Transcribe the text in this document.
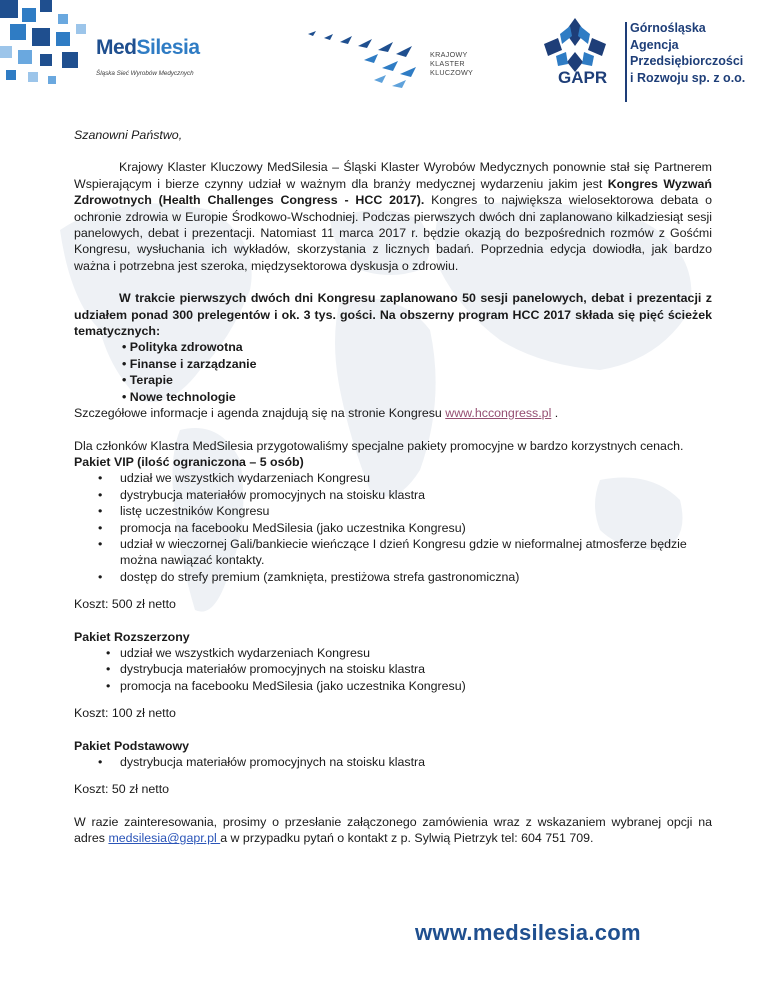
MedSilesia
Śląska Sieć Wyrobów Medycznych
KRAJOWY
KLASTER
KLUCZOWY	GAPR
Górnośląska
Agencja
Przedsiębiorczości
i Rozwoju sp. z o.o.

Szanowni Państwo,

Krajowy Klaster Kluczowy MedSilesia – Śląski Klaster Wyrobów Medycznych ponownie stał się Partnerem Wspierającym i bierze czynny udział w ważnym dla branży medycznej wydarzeniu jakim jest Kongres Wyzwań Zdrowotnych (Health Challenges Congress - HCC 2017). Kongres to największa wielosektorowa debata o ochronie zdrowia w Europie Środkowo-Wschodniej. Podczas pierwszych dwóch dni zaplanowano kilkadziesiąt sesji panelowych, debat i prezentacji. Natomiast 11 marca 2017 r. będzie okazją do bezpośrednich rozmów z Gośćmi Kongresu, wysłuchania ich wykładów, skorzystania z licznych badań. Poprzednia edycja dowiodła, jak bardzo ważna i potrzebna jest szeroka, międzysektorowa dyskusja o zdrowiu.

W trakcie pierwszych dwóch dni Kongresu zaplanowano 50 sesji panelowych, debat i prezentacji z udziałem ponad 300 prelegentów i ok. 3 tys. gości. Na obszerny program HCC 2017 składa się pięć ścieżek tematycznych:

• Polityka zdrowotna
• Finanse i zarządzanie
• Terapie
• Nowe technologie

Szczegółowe informacje i agenda znajdują się na stronie Kongresu www.hccongress.pl .

Dla członków Klastra MedSilesia przygotowaliśmy specjalne pakiety promocyjne w bardzo korzystnych cenach.

Pakiet VIP (ilość ograniczona – 5 osób)

• udział we wszystkich wydarzeniach Kongresu
• dystrybucja materiałów promocyjnych na stoisku klastra
• listę uczestników Kongresu
• promocja na facebooku MedSilesia (jako uczestnika Kongresu)
• udział w wieczornej Gali/bankiecie wieńczące I dzień Kongresu gdzie w nieformalnej atmosferze będzie można nawiązać kontakty.
• dostęp do strefy premium (zamknięta, prestiżowa strefa gastronomiczna)

Koszt: 500 zł netto

Pakiet Rozszerzony

• udział we wszystkich wydarzeniach Kongresu
• dystrybucja materiałów promocyjnych na stoisku klastra
• promocja na facebooku MedSilesia (jako uczestnika Kongresu)

Koszt: 100 zł netto

Pakiet Podstawowy

• dystrybucja materiałów promocyjnych na stoisku klastra

Koszt: 50 zł netto

W razie zainteresowania, prosimy o przesłanie załączonego zamówienia wraz z wskazaniem wybranej opcji na adres medsilesia@gapr.pl a w przypadku pytań o kontakt z p. Sylwią Pietrzyk tel: 604 751 709.

www.medsilesia.com
